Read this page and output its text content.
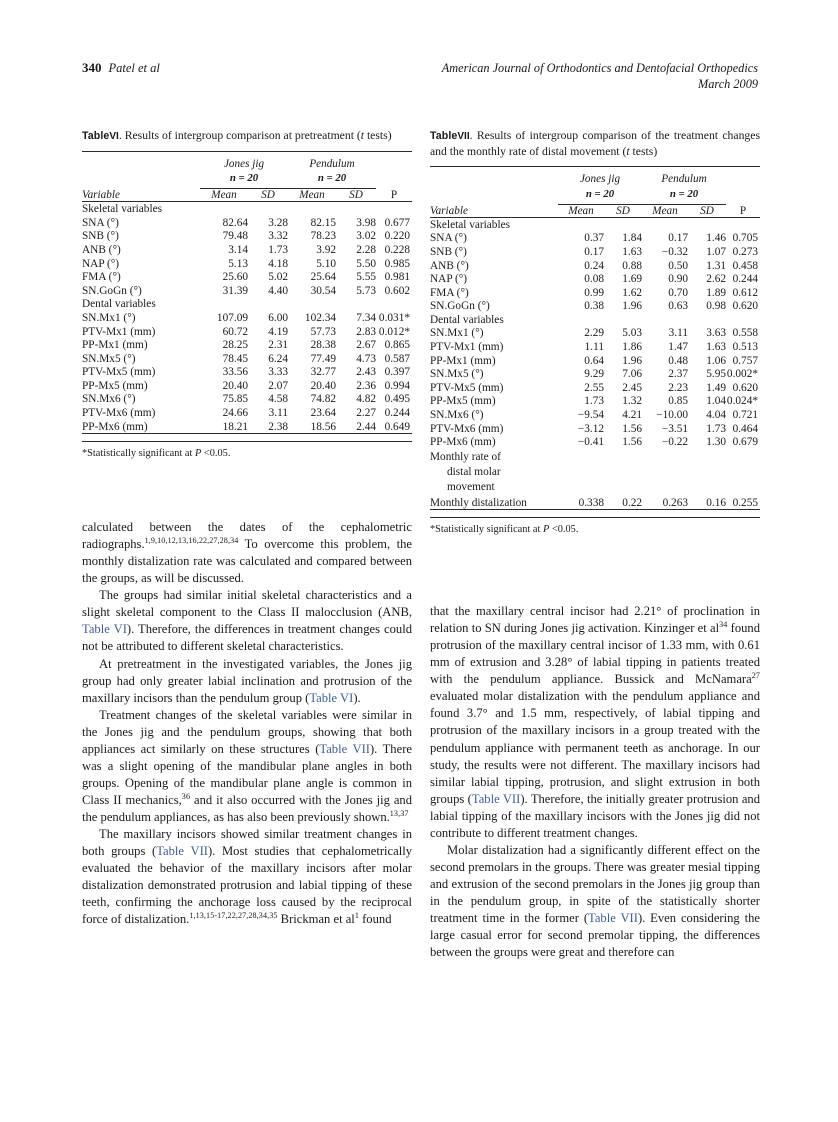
340 Patel et al	American Journal of Orthodontics and Dentofacial Orthopedics
March 2009
TableVI. Results of intergroup comparison at pretreatment (t tests)

	Jones jig
n = 20		Pendulum
n = 20		

Variable	Mean	SD	Mean	SD	P

Skeletal variables					
SNA (°)	82.64	3.28	82.15	3.98	0.677
SNB (°)	79.48	3.32	78.23	3.02	0.220
ANB (°)	3.14	1.73	3.92	2.28	0.228
NAP (°)	5.13	4.18	5.10	5.50	0.985
FMA (°)	25.60	5.02	25.64	5.55	0.981
SN.GoGn (°)	31.39	4.40	30.54	5.73	0.602
Dental variables					
SN.Mx1 (°)	107.09	6.00	102.34	7.34	0.031*
PTV-Mx1 (mm)	60.72	4.19	57.73	2.83	0.012*
PP-Mx1 (mm)	28.25	2.31	28.38	2.67	0.865
SN.Mx5 (°)	78.45	6.24	77.49	4.73	0.587
PTV-Mx5 (mm)	33.56	3.33	32.77	2.43	0.397
PP-Mx5 (mm)	20.40	2.07	20.40	2.36	0.994
SN.Mx6 (°)	75.85	4.58	74.82	4.82	0.495
PTV-Mx6 (mm)	24.66	3.11	23.64	2.27	0.244
PP-Mx6 (mm)	18.21	2.38	18.56	2.44	0.649

*Statistically significant at P <0.05.
TableVII. Results of intergroup comparison of the treatment changes and the monthly rate of distal movement (t tests)

	Jones jig
n = 20		Pendulum
n = 20		

Variable	Mean	SD	Mean	SD	P

Skeletal variables					
SNA (°)	0.37	1.84	0.17	1.46	0.705
SNB (°)	0.17	1.63	−0.32	1.07	0.273
ANB (°)	0.24	0.88	0.50	1.31	0.458
NAP (°)	0.08	1.69	0.90	2.62	0.244
FMA (°)	0.99	1.62	0.70	1.89	0.612
SN.GoGn (°)	0.38	1.96	0.63	0.98	0.620
Dental variables					
SN.Mx1 (°)	2.29	5.03	3.11	3.63	0.558
PTV-Mx1 (mm)	1.11	1.86	1.47	1.63	0.513
PP-Mx1 (mm)	0.64	1.96	0.48	1.06	0.757
SN.Mx5 (°)	9.29	7.06	2.37	5.95	0.002*
PTV-Mx5 (mm)	2.55	2.45	2.23	1.49	0.620
PP-Mx5 (mm)	1.73	1.32	0.85	1.04	0.024*
SN.Mx6 (°)	−9.54	4.21	−10.00	4.04	0.721
PTV-Mx6 (mm)	−3.12	1.56	−3.51	1.73	0.464
PP-Mx6 (mm)	−0.41	1.56	−0.22	1.30	0.679
Monthly rate of
distal molar
movement					

Monthly distalization	0.338	0.22	0.263	0.16	0.255

*Statistically significant at P <0.05.

calculated between the dates of the cephalometric radiographs.$^{1,9,10,12,13,16,22,27,28,34}$ To overcome this problem, the monthly distalization rate was calculated and compared between the groups, as will be discussed.

The groups had similar initial skeletal characteristics and a slight skeletal component to the Class II malocclusion (ANB, Table VI). Therefore, the differences in treatment changes could not be attributed to different skeletal characteristics.

At pretreatment in the investigated variables, the Jones jig group had only greater labial inclination and protrusion of the maxillary incisors than the pendulum group (Table VI).

Treatment changes of the skeletal variables were similar in the Jones jig and the pendulum groups, showing that both appliances act similarly on these structures (Table VII). There was a slight opening of the mandibular plane angles in both groups. Opening of the mandibular plane angle is common in Class II mechanics,$^{36}$ and it also occurred with the Jones jig and the pendulum appliances, as has also been previously shown.$^{13,37}$

The maxillary incisors showed similar treatment changes in both groups (Table VII). Most studies that cephalometrically evaluated the behavior of the maxillary incisors after molar distalization demonstrated protrusion and labial tipping of these teeth, confirming the anchorage loss caused by the reciprocal force of distalization.$^{1,13,15-17,22,27,28,34,35}$ Brickman et $al^1$ found

that the maxillary central incisor had 2.21° of proclination in relation to SN during Jones jig activation. Kinzinger et $al^{34}$ found protrusion of the maxillary central incisor of 1.33 mm, with 0.61 mm of extrusion and 3.28° of labial tipping in patients treated with the pendulum appliance. Bussick and McNamara$^{27}$ evaluated molar distalization with the pendulum appliance and found 3.7° and 1.5 mm, respectively, of labial tipping and protrusion of the maxillary incisors in a group treated with the pendulum appliance with permanent teeth as anchorage. In our study, the results were not different. The maxillary incisors had similar labial tipping, protrusion, and slight extrusion in both groups (Table VII). Therefore, the initially greater protrusion and labial tipping of the maxillary incisors with the Jones jig did not contribute to different treatment changes.

Molar distalization had a significantly different effect on the second premolars in the groups. There was greater mesial tipping and extrusion of the second premolars in the Jones jig group than in the pendulum group, in spite of the statistically shorter treatment time in the former (Table VII). Even considering the large casual error for second premolar tipping, the differences between the groups were great and therefore can
